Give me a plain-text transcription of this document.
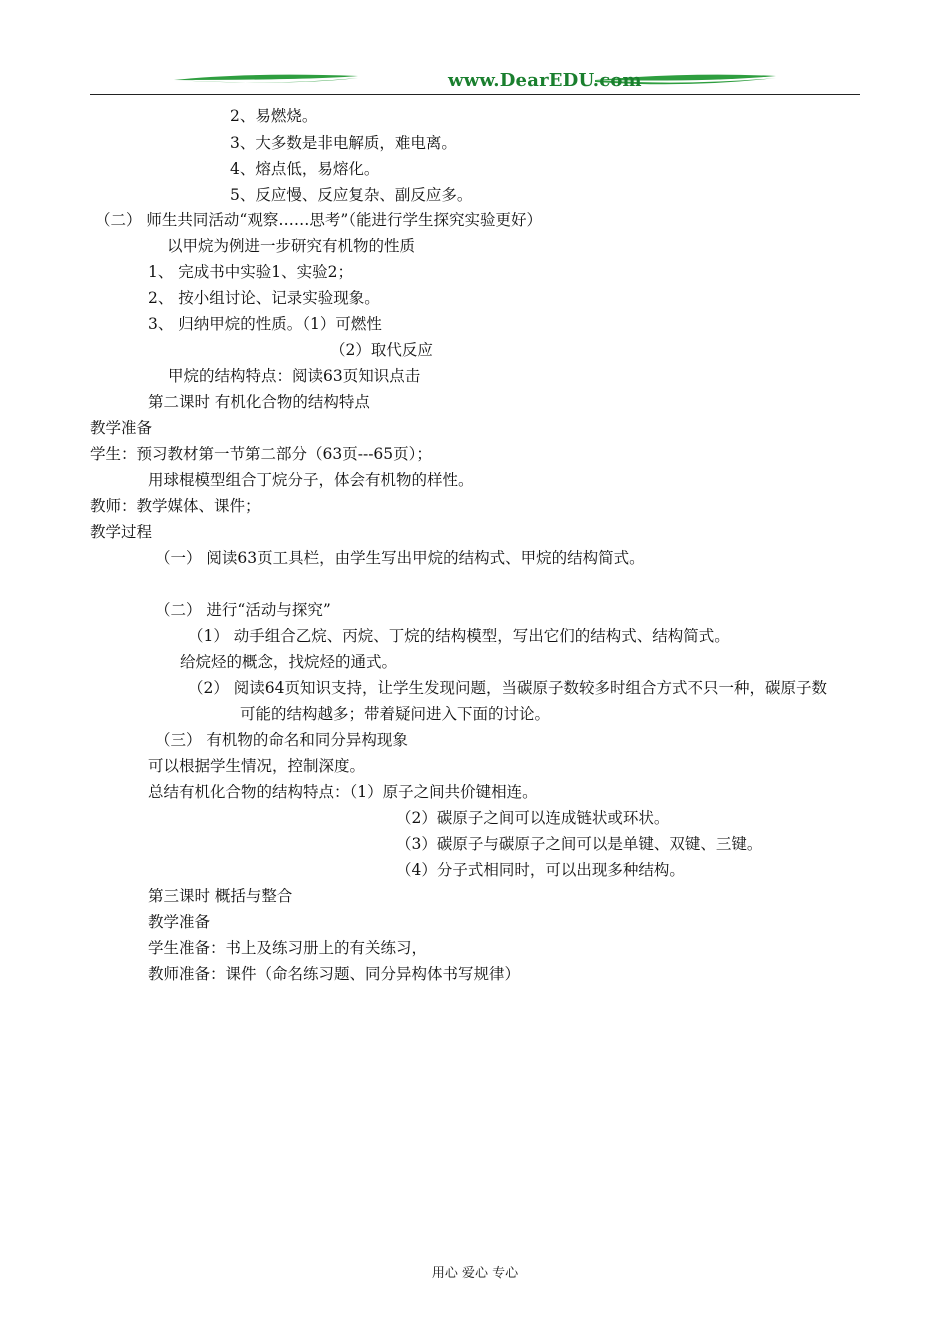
www.DearEDU.com
2、易燃烧。
3、大多数是非电解质，难电离。
4、熔点低，易熔化。
5、反应慢、反应复杂、副反应多。
（二） 师生共同活动“观察……思考”（能进行学生探究实验更好）
以甲烷为例进一步研究有机物的性质
1、 完成书中实验1、实验2；
2、 按小组讨论、记录实验现象。
3、 归纳甲烷的性质。（1）可燃性
（2）取代反应
甲烷的结构特点：阅读63页知识点击
第二课时 有机化合物的结构特点
教学准备
学生：预习教材第一节第二部分（63页---65页）；
用球棍模型组合丁烷分子，体会有机物的样性。
教师：教学媒体、课件；
教学过程
（一） 阅读63页工具栏，由学生写出甲烷的结构式、甲烷的结构简式。
（二） 进行“活动与探究”
（1） 动手组合乙烷、丙烷、丁烷的结构模型，写出它们的结构式、结构简式。
给烷烃的概念，找烷烃的通式。
（2） 阅读64页知识支持，让学生发现问题，当碳原子数较多时组合方式不只一种，碳原子数
可能的结构越多；带着疑问进入下面的讨论。
（三） 有机物的命名和同分异构现象
可以根据学生情况，控制深度。
总结有机化合物的结构特点：（1）原子之间共价键相连。
（2）碳原子之间可以连成链状或环状。
（3）碳原子与碳原子之间可以是单键、双键、三键。
（4）分子式相同时，可以出现多种结构。
第三课时 概括与整合
教学准备
学生准备：书上及练习册上的有关练习，
教师准备：课件（命名练习题、同分异构体书写规律）
用心 爱心 专心
